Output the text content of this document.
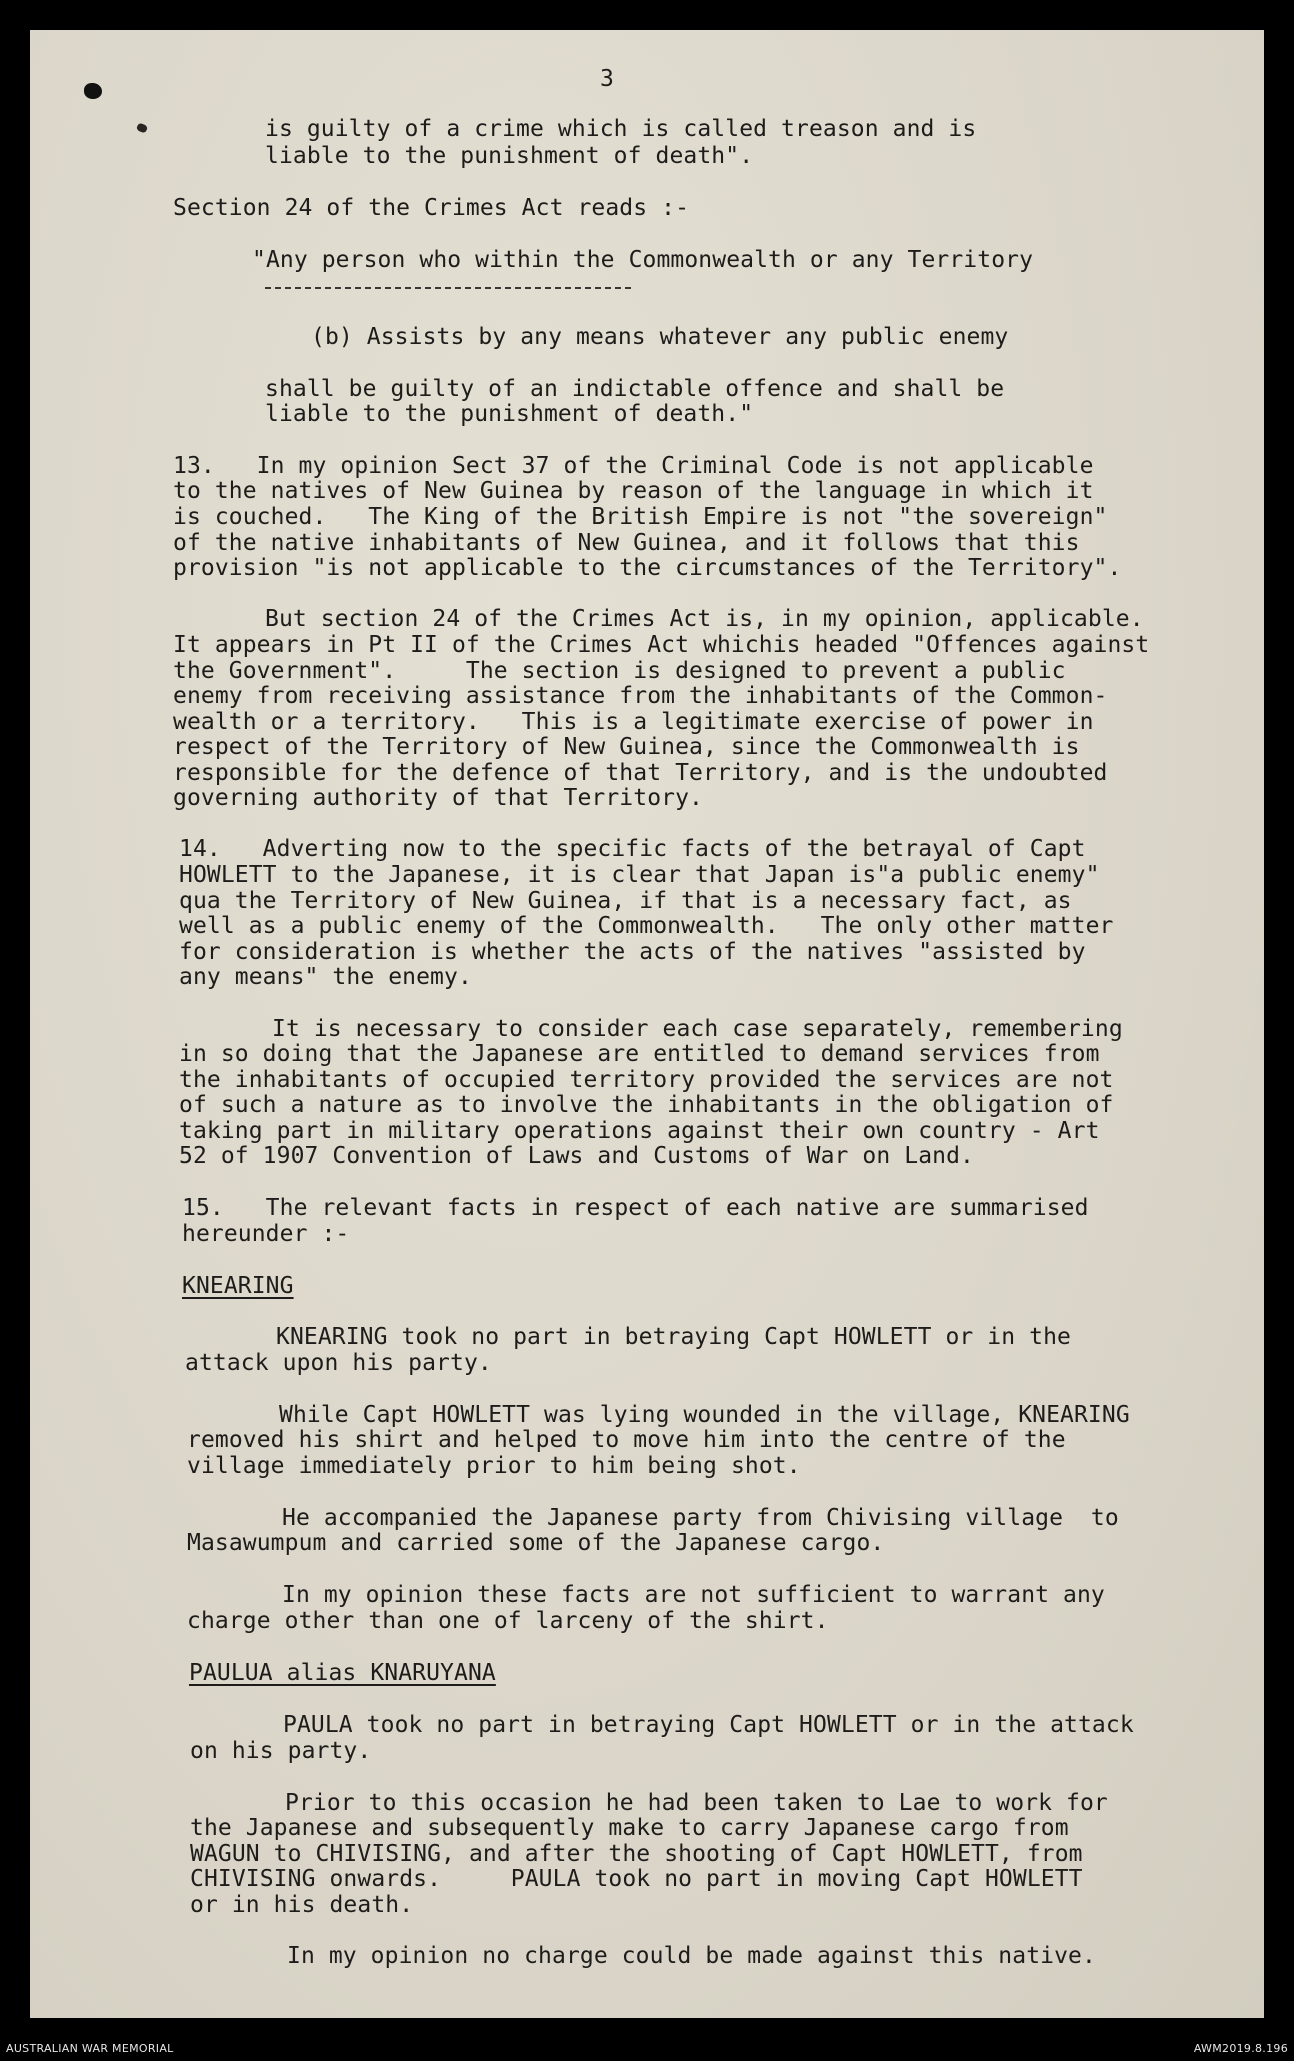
3
is guilty of a crime which is called treason and is
liable to the punishment of death".
Section 24 of the Crimes Act reads :-
"Any person who within the Commonwealth or any Territory
(b) Assists by any means whatever any public enemy
shall be guilty of an indictable offence and shall be
liable to the punishment of death."
13.   In my opinion Sect 37 of the Criminal Code is not applicable
to the natives of New Guinea by reason of the language in which it
is couched.   The King of the British Empire is not "the sovereign"
of the native inhabitants of New Guinea, and it follows that this
provision "is not applicable to the circumstances of the Territory".
But section 24 of the Crimes Act is, in my opinion, applicable.
It appears in Pt II of the Crimes Act whichis headed "Offences against
the Government".     The section is designed to prevent a public
enemy from receiving assistance from the inhabitants of the Common-
wealth or a territory.   This is a legitimate exercise of power in
respect of the Territory of New Guinea, since the Commonwealth is
responsible for the defence of that Territory, and is the undoubted
governing authority of that Territory.
14.   Adverting now to the specific facts of the betrayal of Capt
HOWLETT to the Japanese, it is clear that Japan is"a public enemy"
qua the Territory of New Guinea, if that is a necessary fact, as
well as a public enemy of the Commonwealth.   The only other matter
for consideration is whether the acts of the natives "assisted by
any means" the enemy.
It is necessary to consider each case separately, remembering
in so doing that the Japanese are entitled to demand services from
the inhabitants of occupied territory provided the services are not
of such a nature as to involve the inhabitants in the obligation of
taking part in military operations against their own country - Art
52 of 1907 Convention of Laws and Customs of War on Land.
15.   The relevant facts in respect of each native are summarised
hereunder :-
KNEARING
KNEARING took no part in betraying Capt HOWLETT or in the
attack upon his party.
While Capt HOWLETT was lying wounded in the village, KNEARING
removed his shirt and helped to move him into the centre of the
village immediately prior to him being shot.
He accompanied the Japanese party from Chivising village  to
Masawumpum and carried some of the Japanese cargo.
In my opinion these facts are not sufficient to warrant any
charge other than one of larceny of the shirt.
PAULUA alias KNARUYANA
PAULA took no part in betraying Capt HOWLETT or in the attack
on his party.
Prior to this occasion he had been taken to Lae to work for
the Japanese and subsequently make to carry Japanese cargo from
WAGUN to CHIVISING, and after the shooting of Capt HOWLETT, from
CHIVISING onwards.     PAULA took no part in moving Capt HOWLETT
or in his death.
In my opinion no charge could be made against this native.
AUSTRALIAN WAR MEMORIAL	AWM2019.8.196
